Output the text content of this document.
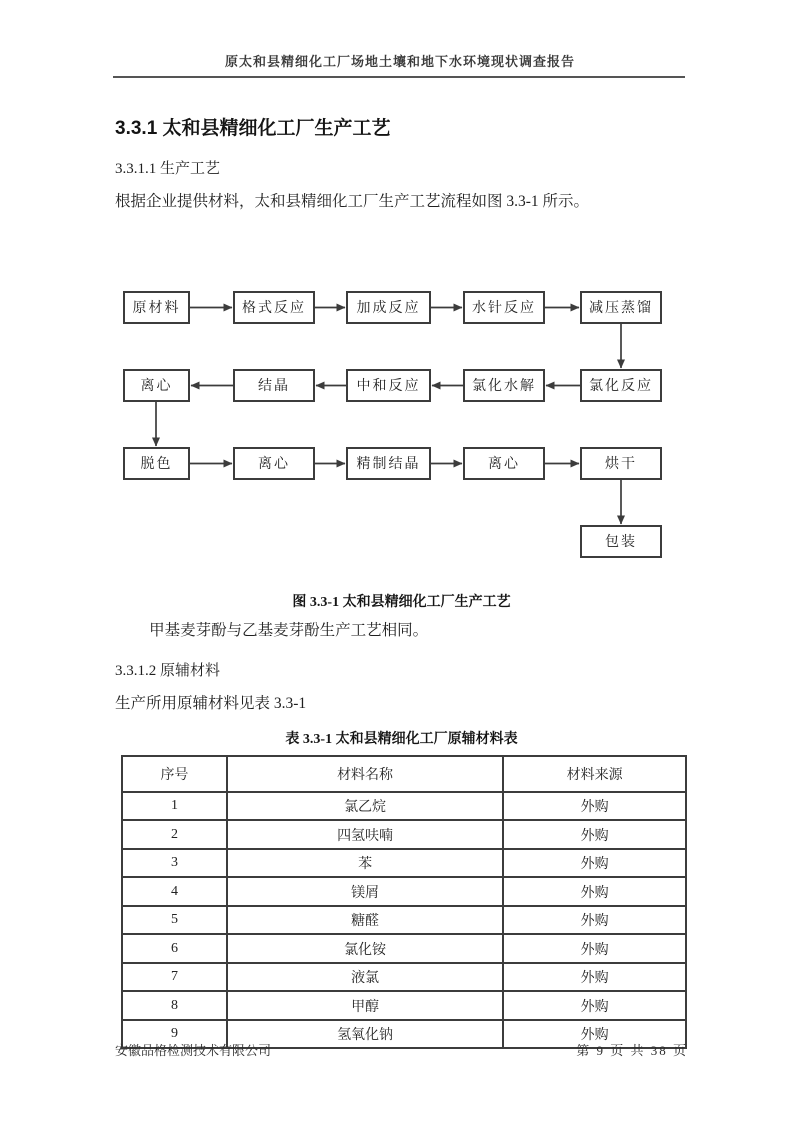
原太和县精细化工厂场地土壤和地下水环境现状调查报告
3.3.1 太和县精细化工厂生产工艺
3.3.1.1 生产工艺

根据企业提供材料，太和县精细化工厂生产工艺流程如图 3.3-1 所示。

原材料	格式反应	加成反应	水针反应	减压蒸馏
离心	结晶	中和反应	氯化水解	氯化反应
脱色	离心	精制结晶	离心	烘干
包装
图 3.3-1 太和县精细化工厂生产工艺

甲基麦芽酚与乙基麦芽酚生产工艺相同。

3.3.1.2 原辅材料

生产所用原辅材料见表 3.3-1

表 3.3-1 太和县精细化工厂原辅材料表
序号	材料名称	材料来源
1	氯乙烷	外购
2	四氢呋喃	外购
3	苯	外购
4	镁屑	外购
5	糖醛	外购
6	氯化铵	外购
7	液氯	外购
8	甲醇	外购
9	氢氧化钠	外购
安徽品格检测技术有限公司	第 9 页 共 38 页
